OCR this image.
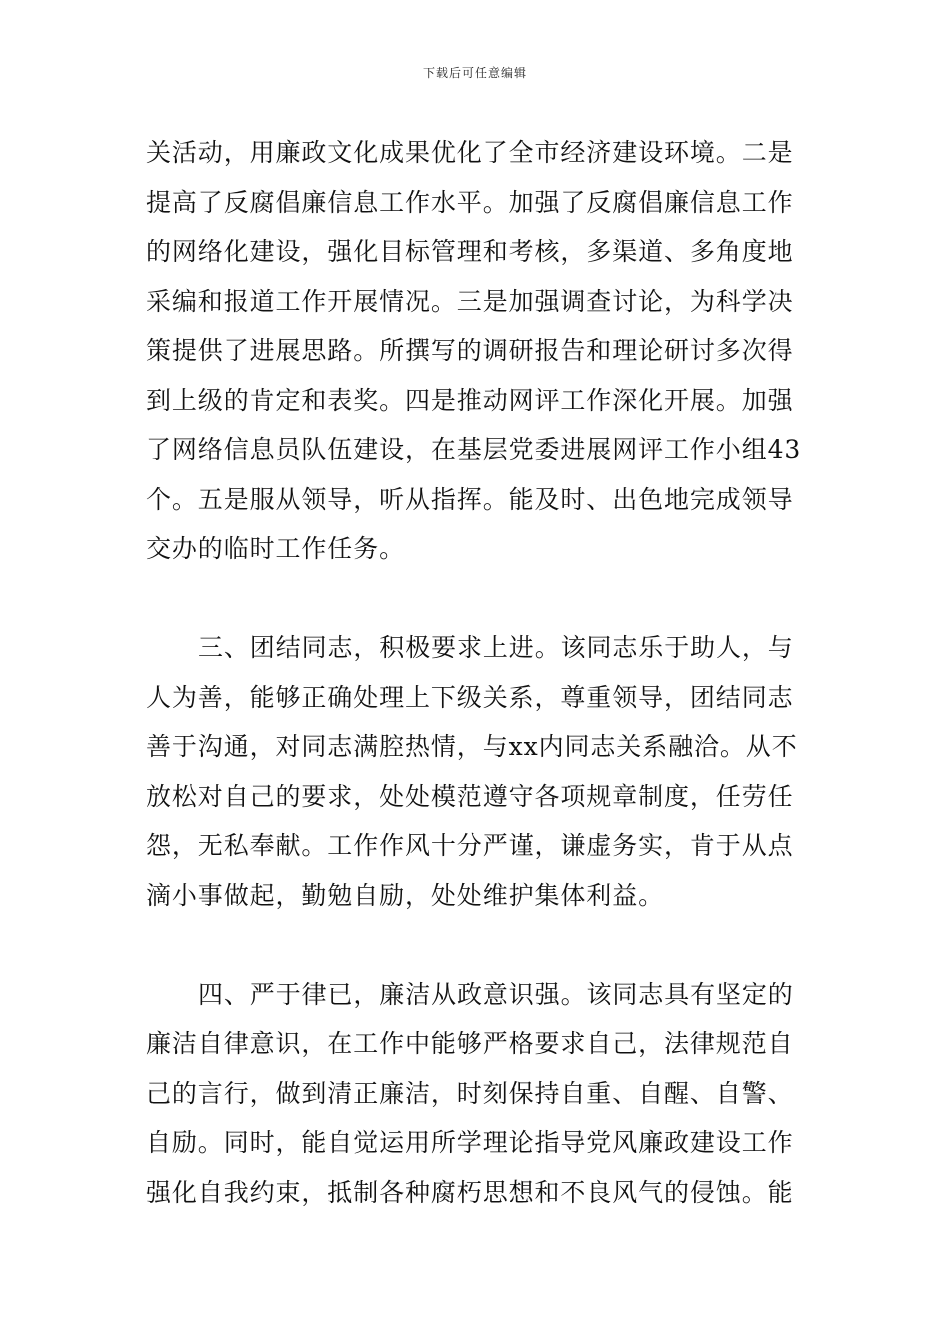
下载后可任意编辑
关活动，用廉政文化成果优化了全市经济建设环境。二是
提高了反腐倡廉信息工作水平。加强了反腐倡廉信息工作
的网络化建设，强化目标管理和考核，多渠道、多角度地
采编和报道工作开展情况。三是加强调查讨论，为科学决
策提供了进展思路。所撰写的调研报告和理论研讨多次得
到上级的肯定和表奖。四是推动网评工作深化开展。加强
了网络信息员队伍建设，在基层党委进展网评工作小组43
个。五是服从领导，听从指挥。能及时、出色地完成领导
交办的临时工作任务。
三、团结同志，积极要求上进。该同志乐于助人，与
人为善，能够正确处理上下级关系，尊重领导，团结同志
善于沟通，对同志满腔热情，与xx内同志关系融洽。从不
放松对自己的要求，处处模范遵守各项规章制度，任劳任
怨，无私奉献。工作作风十分严谨，谦虚务实，肯于从点
滴小事做起，勤勉自励，处处维护集体利益。
四、严于律已，廉洁从政意识强。该同志具有坚定的
廉洁自律意识，在工作中能够严格要求自己，法律规范自
己的言行，做到清正廉洁，时刻保持自重、自醒、自警、
自励。同时，能自觉运用所学理论指导党风廉政建设工作
强化自我约束，抵制各种腐朽思想和不良风气的侵蚀。能
